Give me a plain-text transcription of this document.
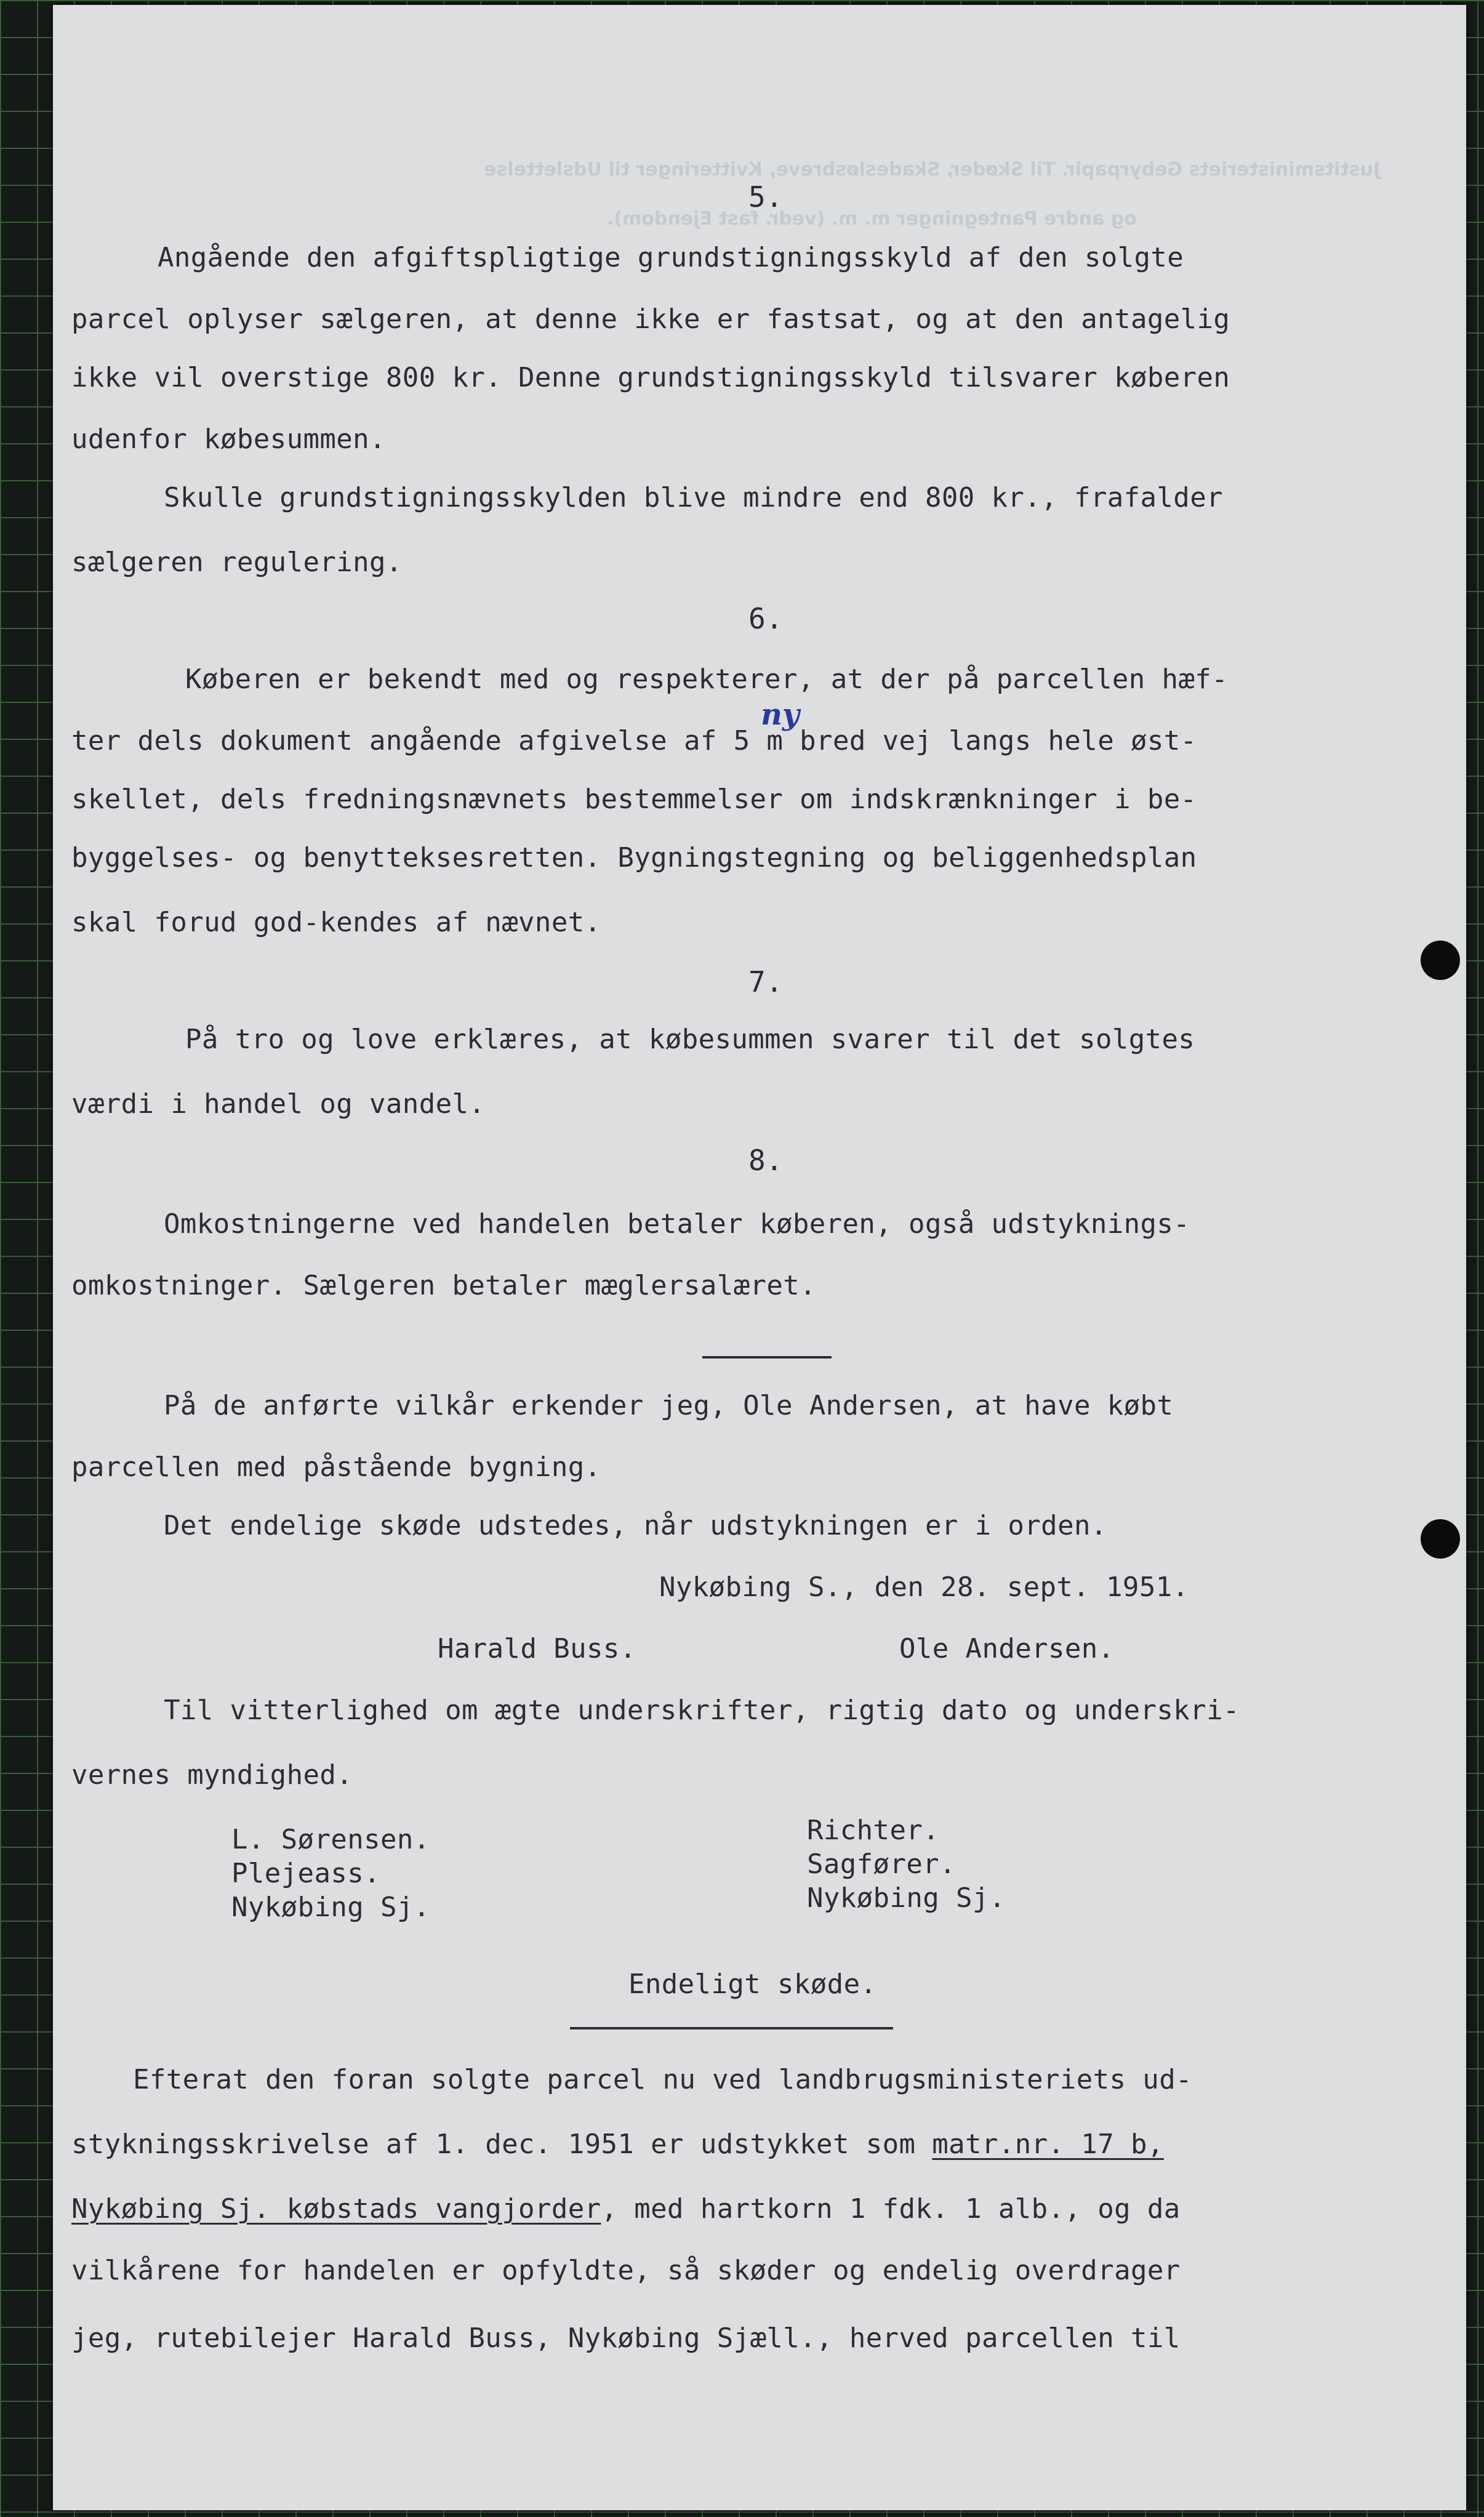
Justitsministeriets Gebyrpapir. Til Skøder, Skadesløsbreve, Kvitteringer til Udslettelse
og andre Pantegninger m. m. (vedr. fast Ejendom).
5.
Angående den afgiftspligtige grundstigningsskyld af den solgte
parcel oplyser sælgeren, at denne ikke er fastsat, og at den antagelig
ikke vil overstige 800 kr. Denne grundstigningsskyld tilsvarer køberen
udenfor købesummen.
Skulle grundstigningsskylden blive mindre end 800 kr., frafalder
sælgeren regulering.
6.
Køberen er bekendt med og respekterer, at der på parcellen hæf-
ny
ter dels dokument angående afgivelse af 5 m bred vej langs hele øst-
skellet, dels fredningsnævnets bestemmelser om indskrænkninger i be-
byggelses- og benytteksesretten. Bygningstegning og beliggenhedsplan
skal forud god-kendes af nævnet.
7.
På tro og love erklæres, at købesummen svarer til det solgtes
værdi i handel og vandel.
8.
Omkostningerne ved handelen betaler køberen, også udstyknings-
omkostninger. Sælgeren betaler mæglersalæret.
På de anførte vilkår erkender jeg, Ole Andersen, at have købt
parcellen med påstående bygning.
Det endelige skøde udstedes, når udstykningen er i orden.
Nykøbing S., den 28. sept. 1951.
Harald Buss.	Ole Andersen.
Til vitterlighed om ægte underskrifter, rigtig dato og underskri-
vernes myndighed.
L. Sørensen.
Plejeass.
Nykøbing Sj.
Richter.
Sagfører.
Nykøbing Sj.
Endeligt skøde.
Efterat den foran solgte parcel nu ved landbrugsministeriets ud-
stykningsskrivelse af 1. dec. 1951 er udstykket som matr.nr. 17 b,
Nykøbing Sj. købstads vangjorder, med hartkorn 1 fdk. 1 alb., og da
vilkårene for handelen er opfyldte, så skøder og endelig overdrager
jeg, rutebilejer Harald Buss, Nykøbing Sjæll., herved parcellen til
